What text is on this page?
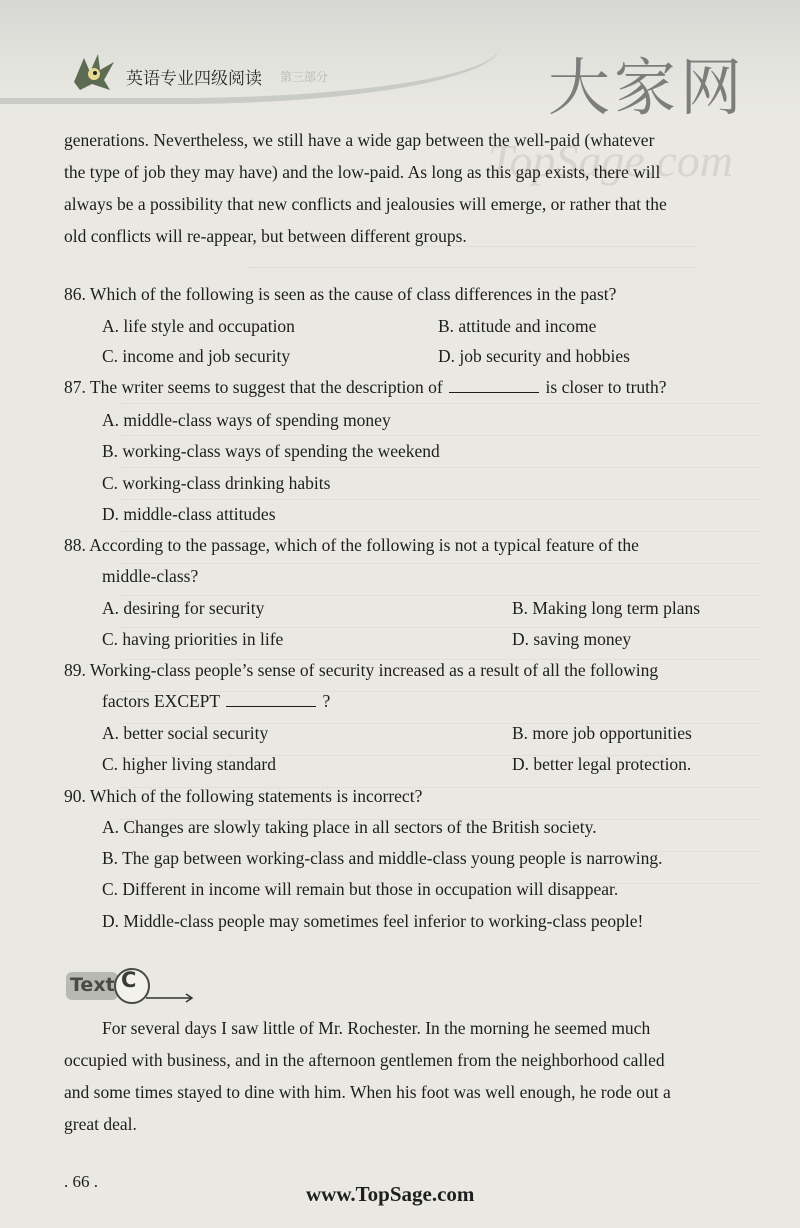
英语专业四级阅读 第三部分	大家网
TopSage.com
generations. Nevertheless, we still have a wide gap between the well-paid (whatever
the type of job they may have) and the low-paid. As long as this gap exists, there will
always be a possibility that new conflicts and jealousies will emerge, or rather that the
old conflicts will re-appear, but between different groups.
86. Which of the following is seen as the cause of class differences in the past?
A. life style and occupation	B. attitude and income
C. income and job security	D. job security and hobbies
87. The writer seems to suggest that the description of	is closer to truth?
A. middle-class ways of spending money
B. working-class ways of spending the weekend
C. working-class drinking habits
D. middle-class attitudes
88. According to the passage, which of the following is not a typical feature of the
middle-class?
A. desiring for security	B. Making long term plans
C. having priorities in life	D. saving money
89. Working-class people’s sense of security increased as a result of all the following
factors EXCEPT	?
A. better social security	B. more job opportunities
C. higher living standard	D. better legal protection.
90. Which of the following statements is incorrect?
A. Changes are slowly taking place in all sectors of the British society.
B. The gap between working-class and middle-class young people is narrowing.
C. Different in income will remain but those in occupation will disappear.
D. Middle-class people may sometimes feel inferior to working-class people!
Text C
For several days I saw little of Mr. Rochester. In the morning he seemed much
occupied with business, and in the afternoon gentlemen from the neighborhood called
and some times stayed to dine with him. When his foot was well enough, he rode out a
great deal.
. 66 .
www.TopSage.com
